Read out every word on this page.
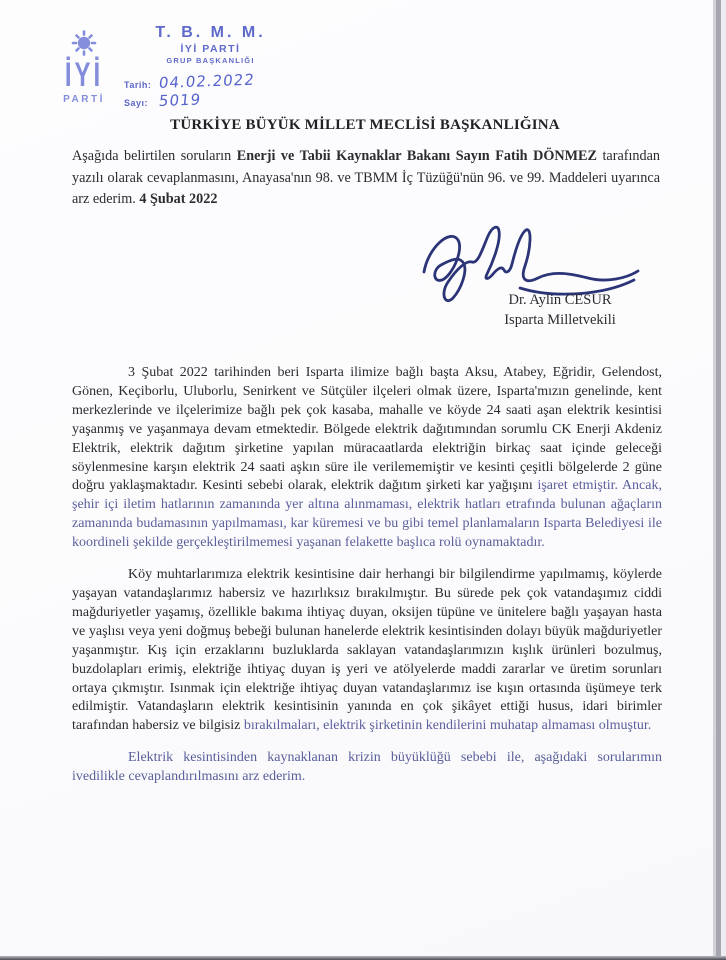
İYİ
PARTİ
T. B. M. M.
İYİ PARTİ
GRUP BAŞKANLIĞI
Tarih: 04.02.2022
Sayı: 5019
TÜRKİYE BÜYÜK MİLLET MECLİSİ BAŞKANLIĞINA
Aşağıda belirtilen soruların Enerji ve Tabii Kaynaklar Bakanı Sayın Fatih DÖNMEZ tarafından yazılı olarak cevaplanmasını, Anayasa'nın 98. ve TBMM İç Tüzüğü'nün 96. ve 99. Maddeleri uyarınca arz ederim. 4 Şubat 2022
Dr. Aylin CESUR
Isparta Milletvekili

3 Şubat 2022 tarihinden beri Isparta ilimize bağlı başta Aksu, Atabey, Eğridir, Gelendost, Gönen, Keçiborlu, Uluborlu, Senirkent ve Sütçüler ilçeleri olmak üzere, Isparta'mızın genelinde, kent merkezlerinde ve ilçelerimize bağlı pek çok kasaba, mahalle ve köyde 24 saati aşan elektrik kesintisi yaşanmış ve yaşanmaya devam etmektedir. Bölgede elektrik dağıtımından sorumlu CK Enerji Akdeniz Elektrik, elektrik dağıtım şirketine yapılan müracaatlarda elektriğin birkaç saat içinde geleceği söylenmesine karşın elektrik 24 saati aşkın süre ile verilememiştir ve kesinti çeşitli bölgelerde 2 güne doğru yaklaşmaktadır. Kesinti sebebi olarak, elektrik dağıtım şirketi kar yağışını işaret etmiştir. Ancak, şehir içi iletim hatlarının zamanında yer altına alınmaması, elektrik hatları etrafında bulunan ağaçların zamanında budamasının yapılmaması, kar küremesi ve bu gibi temel planlamaların Isparta Belediyesi ile koordineli şekilde gerçekleştirilmemesi yaşanan felakette başlıca rolü oynamaktadır.

Köy muhtarlarımıza elektrik kesintisine dair herhangi bir bilgilendirme yapılmamış, köylerde yaşayan vatandaşlarımız habersiz ve hazırlıksız bırakılmıştır. Bu sürede pek çok vatandaşımız ciddi mağduriyetler yaşamış, özellikle bakıma ihtiyaç duyan, oksijen tüpüne ve ünitelere bağlı yaşayan hasta ve yaşlısı veya yeni doğmuş bebeği bulunan hanelerde elektrik kesintisinden dolayı büyük mağduriyetler yaşanmıştır. Kış için erzaklarını buzluklarda saklayan vatandaşlarımızın kışlık ürünleri bozulmuş, buzdolapları erimiş, elektriğe ihtiyaç duyan iş yeri ve atölyelerde maddi zararlar ve üretim sorunları ortaya çıkmıştır. Isınmak için elektriğe ihtiyaç duyan vatandaşlarımız ise kışın ortasında üşümeye terk edilmiştir. Vatandaşların elektrik kesintisinin yanında en çok şikâyet ettiği husus, idari birimler tarafından habersiz ve bilgisiz bırakılmaları, elektrik şirketinin kendilerini muhatap almaması olmuştur.

Elektrik kesintisinden kaynaklanan krizin büyüklüğü sebebi ile, aşağıdaki sorularımın ivedilikle cevaplandırılmasını arz ederim.
